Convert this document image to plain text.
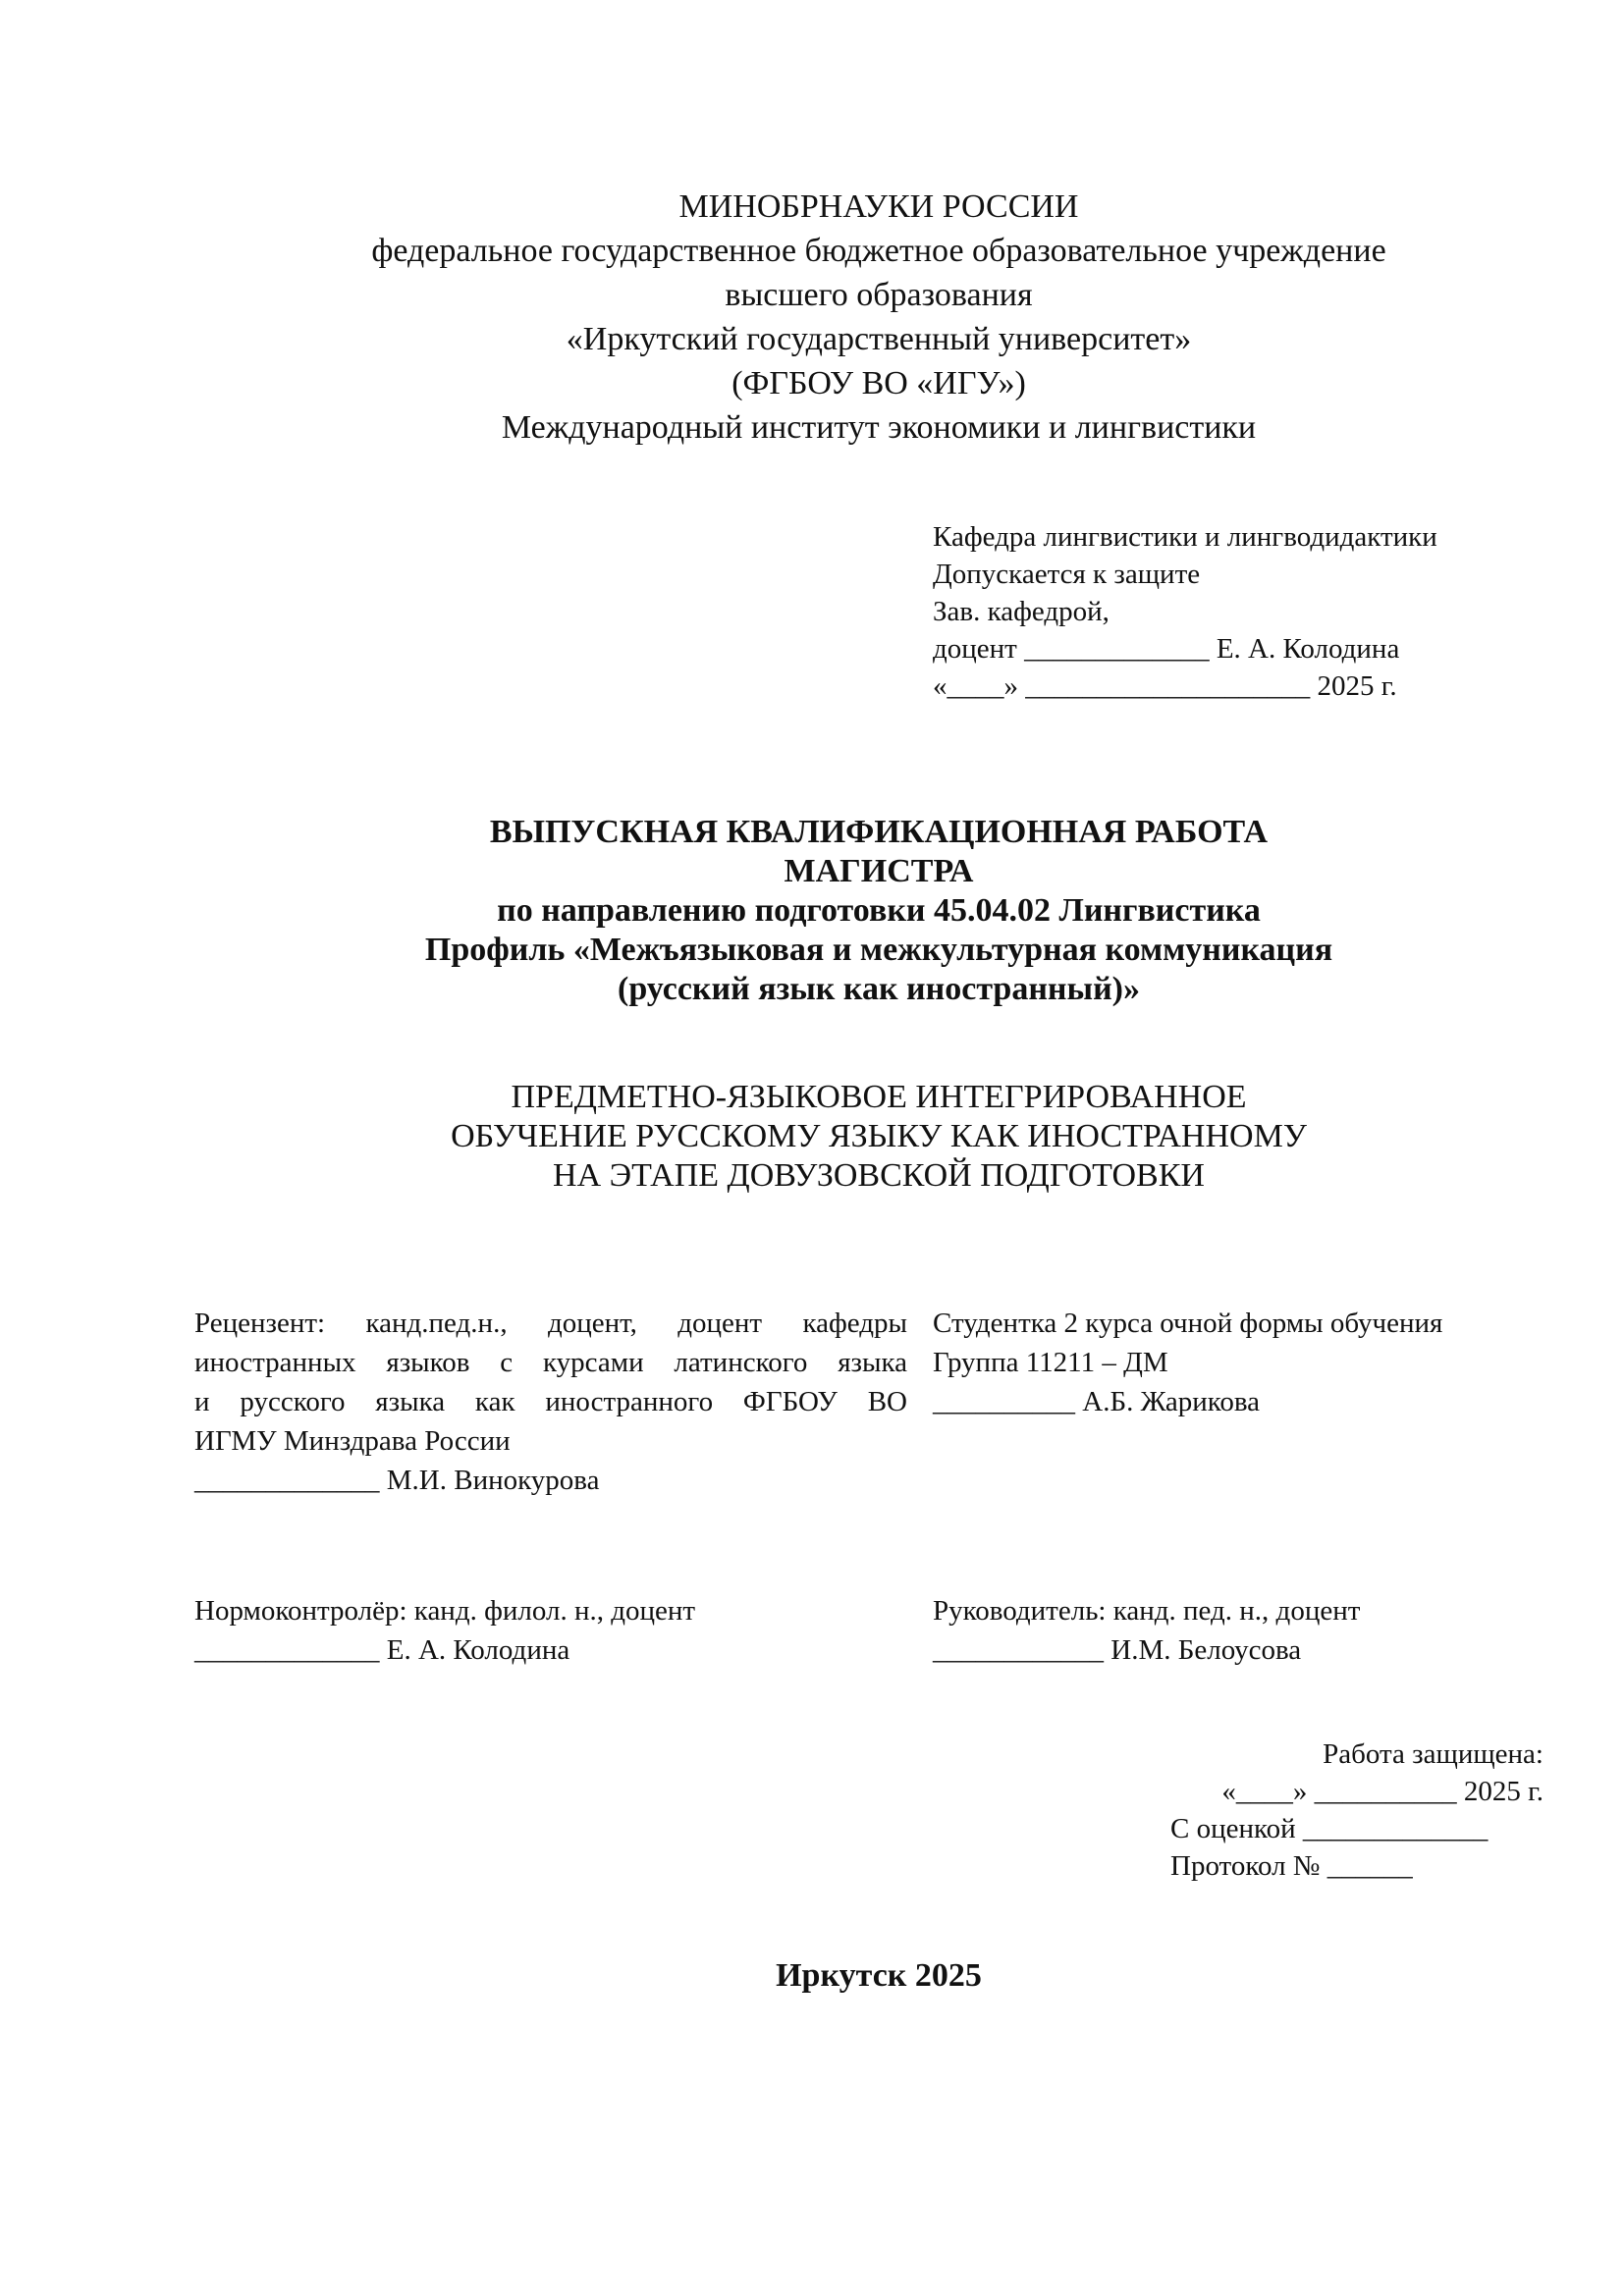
МИНОБРНАУКИ РОССИИ
федеральное государственное бюджетное образовательное учреждение
высшего образования
«Иркутский государственный университет»
(ФГБОУ ВО «ИГУ»)
Международный институт экономики и лингвистики
Кафедра лингвистики и лингводидактики
Допускается к защите
Зав. кафедрой,
доцент _____________ Е. А. Колодина
«____» ____________________ 2025 г.
ВЫПУСКНАЯ КВАЛИФИКАЦИОННАЯ РАБОТА
МАГИСТРА
по направлению подготовки 45.04.02 Лингвистика
Профиль «Межъязыковая и межкультурная коммуникация
(русский язык как иностранный)»
ПРЕДМЕТНО-ЯЗЫКОВОЕ ИНТЕГРИРОВАННОЕ
ОБУЧЕНИЕ РУССКОМУ ЯЗЫКУ КАК ИНОСТРАННОМУ
НА ЭТАПЕ ДОВУЗОВСКОЙ ПОДГОТОВКИ
Рецензент: канд.пед.н., доцент, доцент кафедры
иностранных языков с курсами латинского языка
и русского языка как иностранного ФГБОУ ВО
ИГМУ Минздрава России
_____________ М.И. Винокурова
Студентка 2 курса очной формы обучения
Группа 11211 – ДМ
__________ А.Б. Жарикова
Нормоконтролёр: канд. филол. н., доцент
_____________ Е. А. Колодина
Руководитель: канд. пед. н., доцент
____________ И.М. Белоусова
Работа защищена:
«____» __________ 2025 г.
С оценкой _____________
Протокол № ______
Иркутск 2025
